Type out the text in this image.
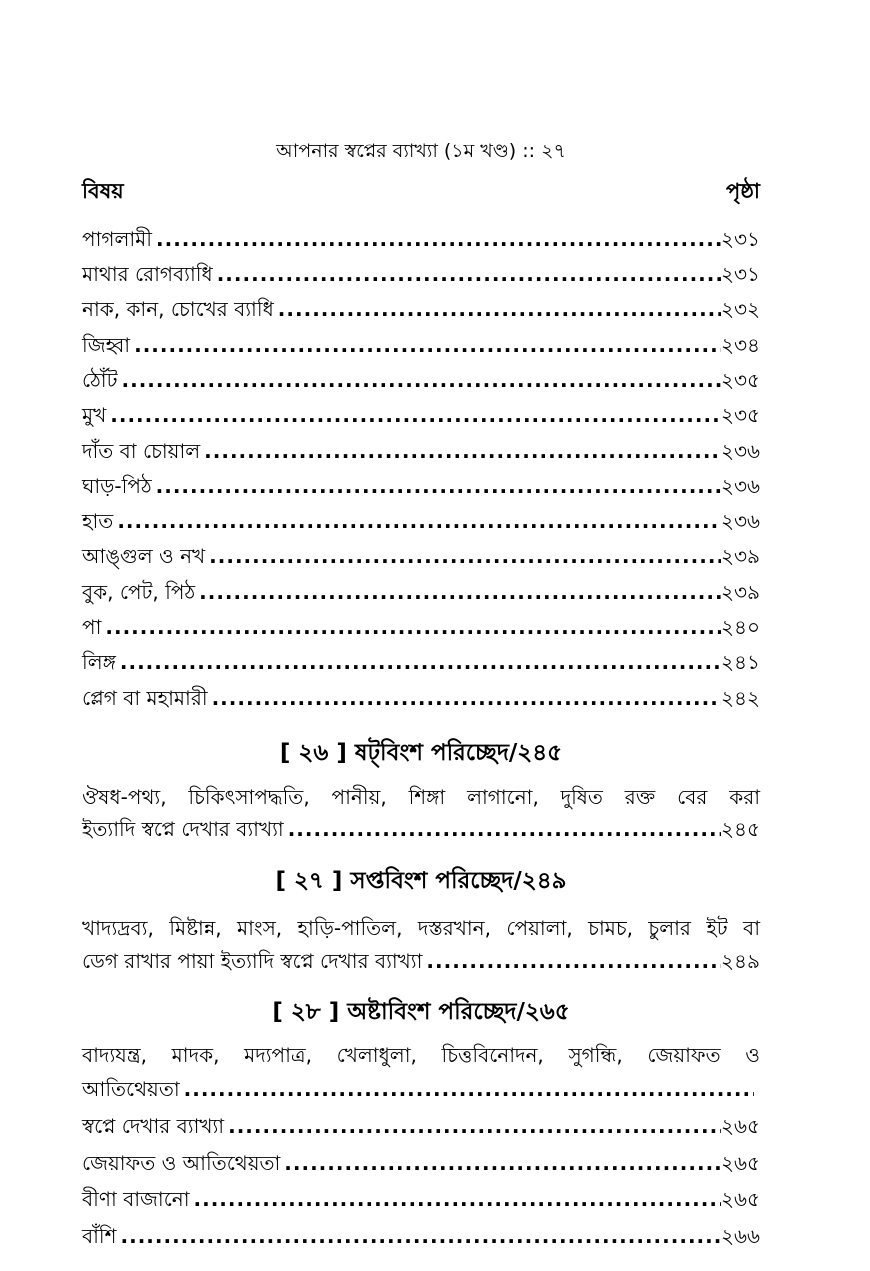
আপনার স্বপ্নের ব্যাখ্যা (১ম খণ্ড) :: ২৭
বিষয়	পৃষ্ঠা
পাগলামী .....	২৩১
মাথার রোগব্যাধি .....	২৩১
নাক, কান, চোখের ব্যাধি .....	২৩২
জিহ্বা .....	২৩৪
ঠোঁট .....	২৩৫
মুখ .....	২৩৫
দাঁত বা চোয়াল .....	২৩৬
ঘাড়-পিঠ .....	২৩৬
হাত .....	২৩৬
আঙ্গুল ও নখ .....	২৩৯
বুক, পেট, পিঠ .....	২৩৯
পা .....	২৪০
লিঙ্গ .....	২৪১
প্লেগ বা মহামারী .....	২৪২
[ ২৬ ] ষট্‌বিংশ পরিচ্ছেদ/২৪৫
ঔষধ-পথ্য, চিকিৎসাপদ্ধতি, পানীয়, শিঙ্গা লাগানো, দুষিত রক্ত বের করা
ইত্যাদি স্বপ্নে দেখার ব্যাখ্যা .....	২৪৫
[ ২৭ ] সপ্তবিংশ পরিচ্ছেদ/২৪৯
খাদ্যদ্রব্য, মিষ্টান্ন, মাংস, হাড়ি-পাতিল, দস্তরখান, পেয়ালা, চামচ, চুলার ইট বা
ডেগ রাখার পায়া ইত্যাদি স্বপ্নে দেখার ব্যাখ্যা .....	২৪৯
[ ২৮ ] অষ্টাবিংশ পরিচ্ছেদ/২৬৫
বাদ্যযন্ত্র, মাদক, মদ্যপাত্র, খেলাধুলা, চিত্তবিনোদন, সুগন্ধি, জেয়াফত ও
আতিথেয়তা
.....
স্বপ্নে দেখার ব্যাখ্যা .....	২৬৫
জেয়াফত ও আতিথেয়তা .....	২৬৫
বীণা বাজানো .....	২৬৫
বাঁশি .....	২৬৬
